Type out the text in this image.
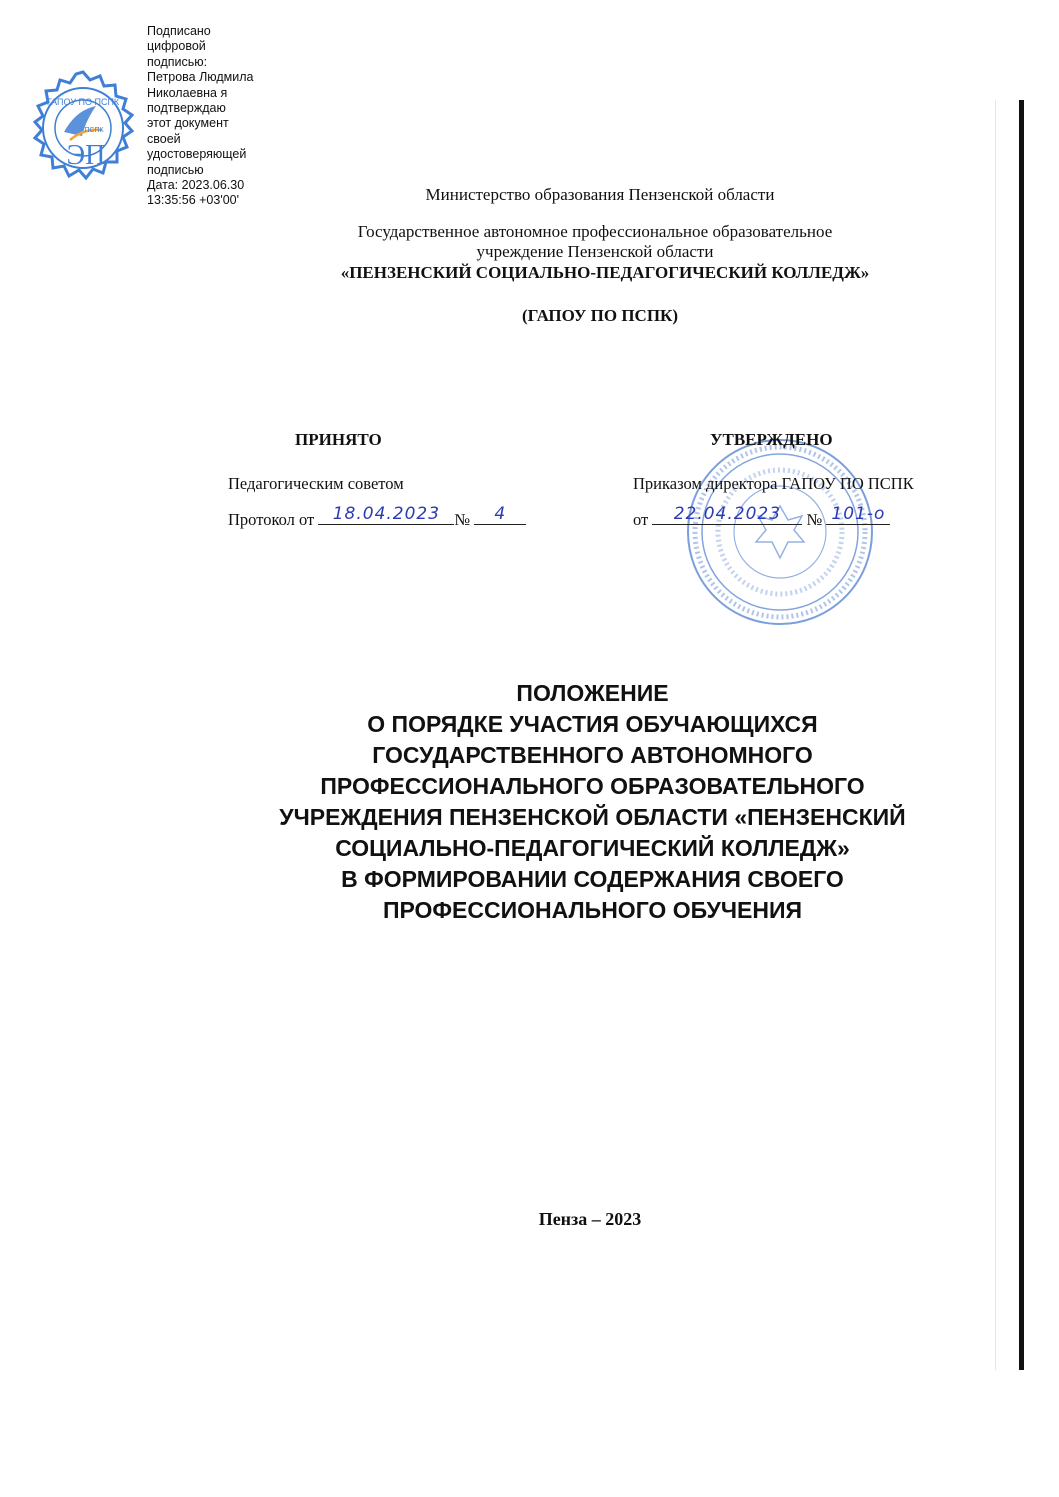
ГАПОУ ПО ПСПК
ПСПК
ЭП
Подписано
цифровой
подписью:
Петрова Людмила
Николаевна я
подтверждаю
этот документ
своей
удостоверяющей
подписью
Дата: 2023.06.30
13:35:56 +03'00'	Министерство образования Пензенской области
Государственное автономное профессиональное образовательное
учреждение Пензенской области
«ПЕНЗЕНСКИЙ СОЦИАЛЬНО-ПЕДАГОГИЧЕСКИЙ КОЛЛЕДЖ»
(ГАПОУ ПО ПСПК)
ПРИНЯТО
Педагогическим советом
Протокол от	18.04.2023 №	4
УТВЕРЖДЕНО
Приказом директора ГАПОУ ПО ПСПК
от	22.04.2023	№ 101-о
ПОЛОЖЕНИЕ
О ПОРЯДКЕ УЧАСТИЯ ОБУЧАЮЩИХСЯ
ГОСУДАРСТВЕННОГО АВТОНОМНОГО
ПРОФЕССИОНАЛЬНОГО ОБРАЗОВАТЕЛЬНОГО
УЧРЕЖДЕНИЯ ПЕНЗЕНСКОЙ ОБЛАСТИ «ПЕНЗЕНСКИЙ
СОЦИАЛЬНО-ПЕДАГОГИЧЕСКИЙ КОЛЛЕДЖ»
В ФОРМИРОВАНИИ СОДЕРЖАНИЯ СВОЕГО
ПРОФЕССИОНАЛЬНОГО ОБУЧЕНИЯ
Пенза – 2023
